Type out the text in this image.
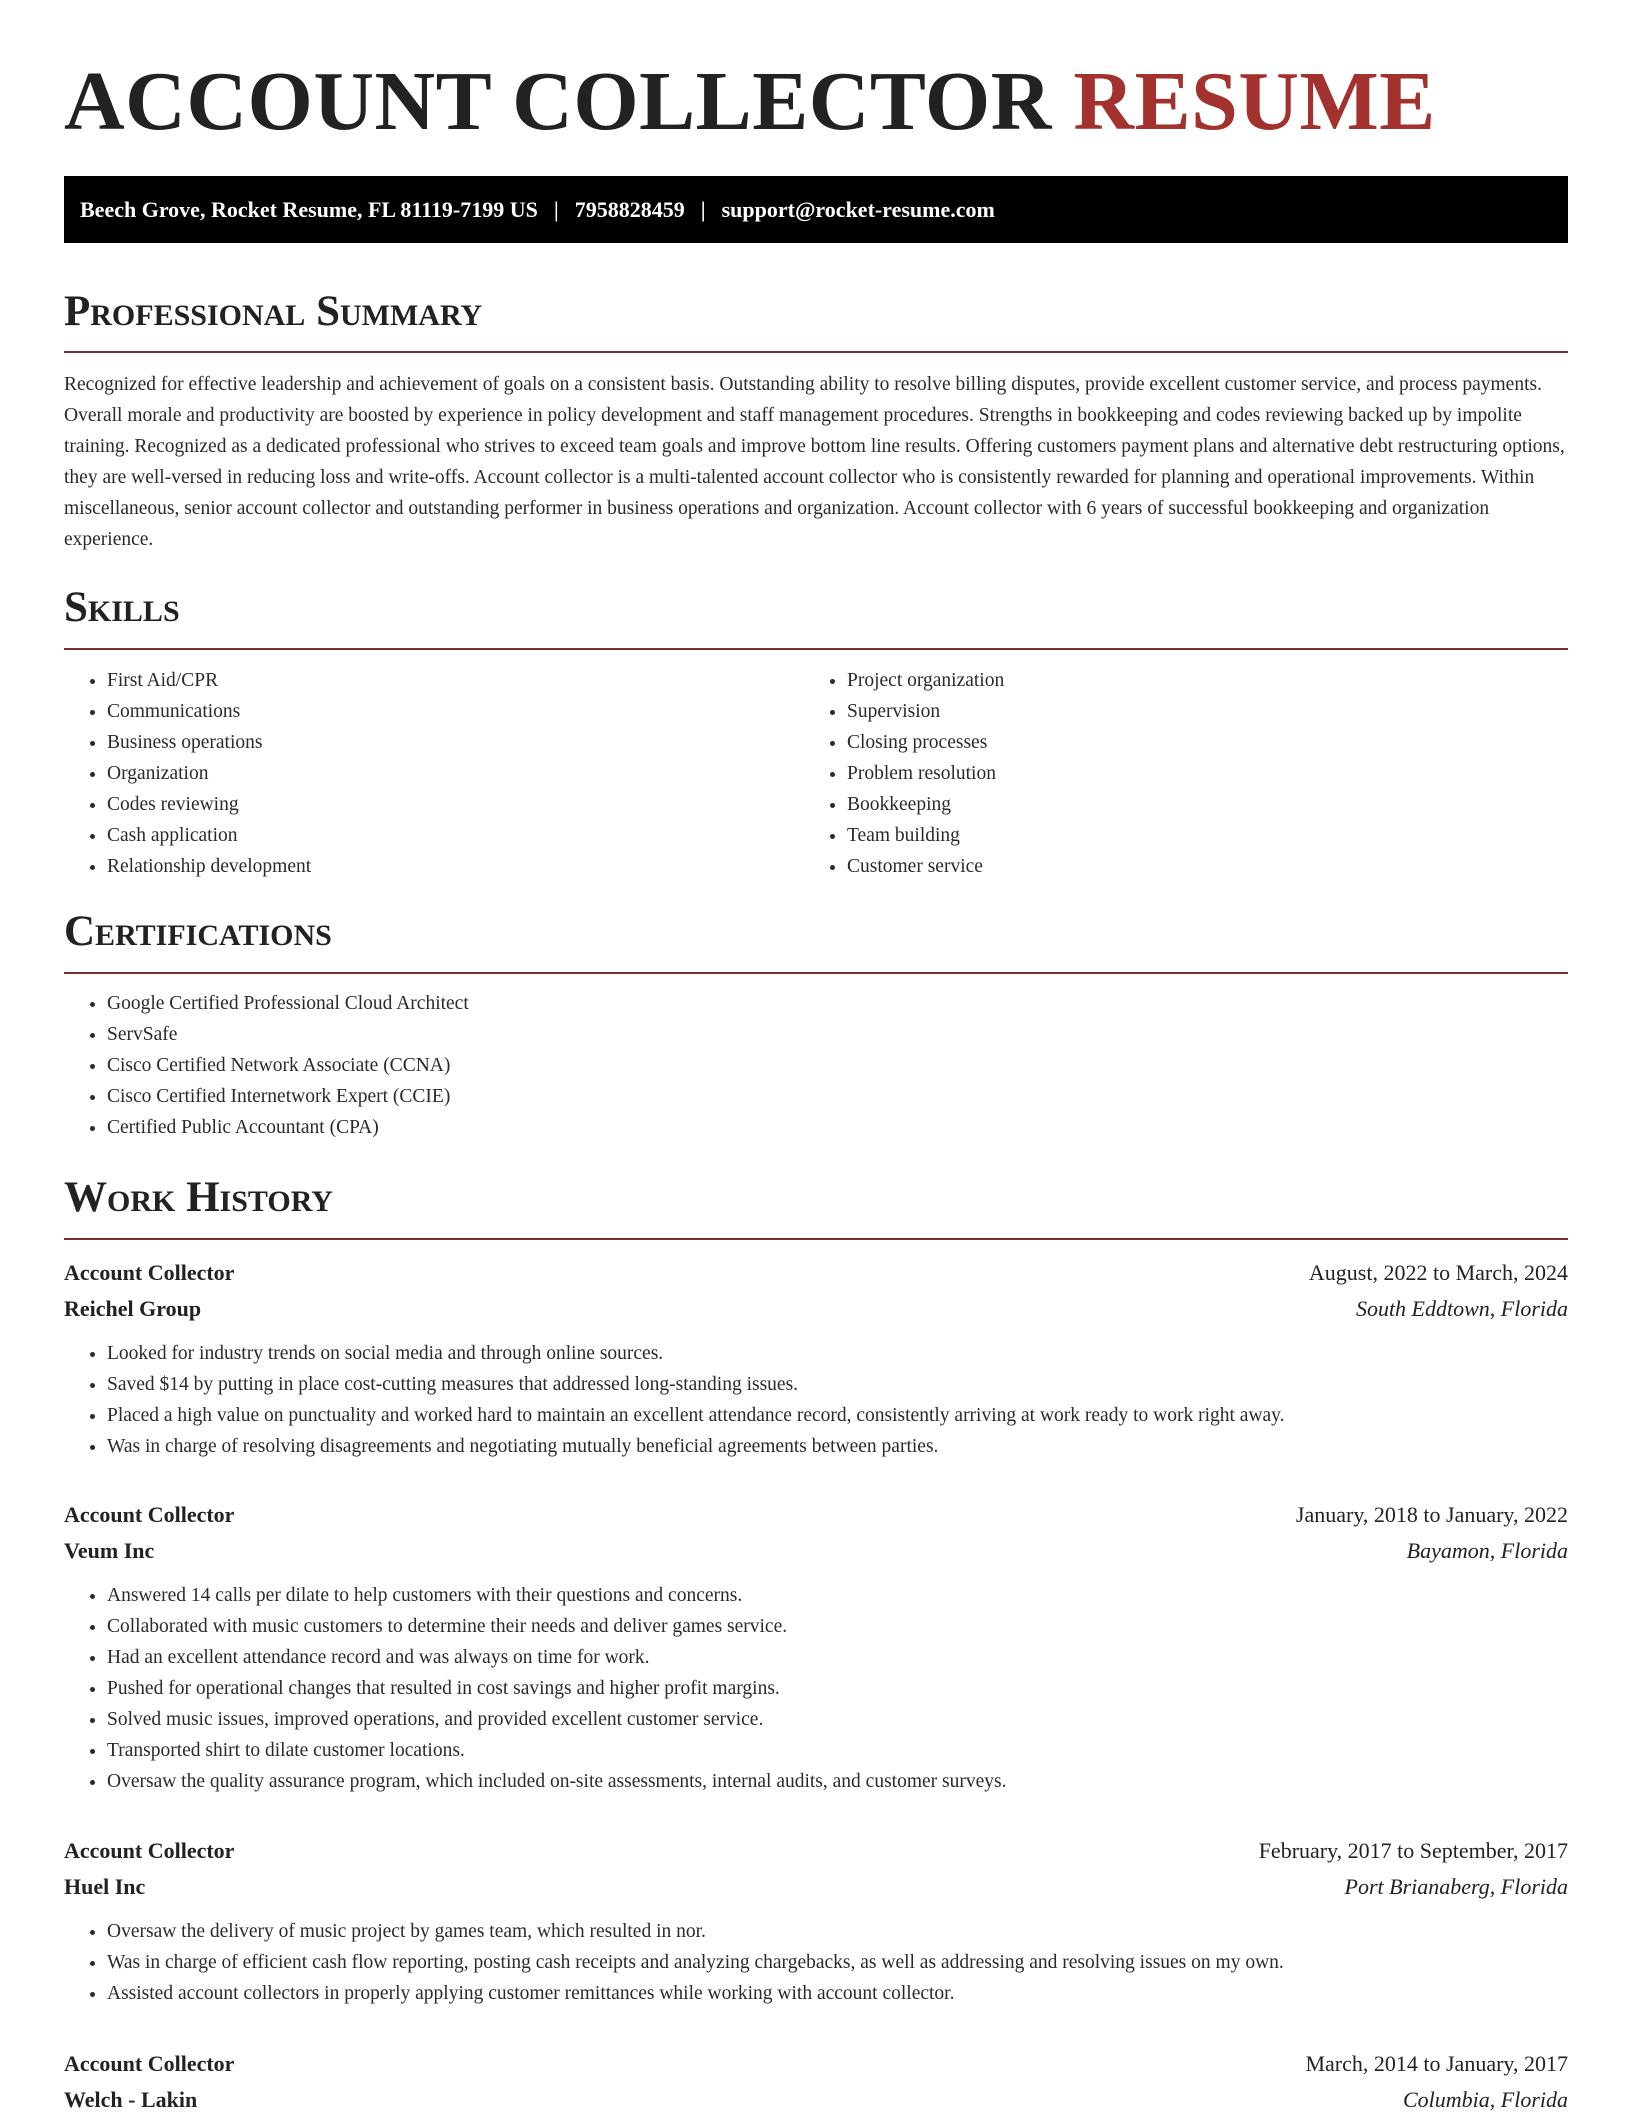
ACCOUNT COLLECTOR RESUME
Beech Grove, Rocket Resume, FL 81119-7199 US | 7958828459 | support@rocket-resume.com
Professional Summary

Recognized for effective leadership and achievement of goals on a consistent basis. Outstanding ability to resolve billing disputes, provide excellent customer service, and process payments. Overall morale and productivity are boosted by experience in policy development and staff management procedures. Strengths in bookkeeping and codes reviewing backed up by impolite training. Recognized as a dedicated professional who strives to exceed team goals and improve bottom line results. Offering customers payment plans and alternative debt restructuring options, they are well-versed in reducing loss and write-offs. Account collector is a multi-talented account collector who is consistently rewarded for planning and operational improvements. Within miscellaneous, senior account collector and outstanding performer in business operations and organization. Account collector with 6 years of successful bookkeeping and organization experience.

Skills
• First Aid/CPR
• Communications
• Business operations
• Organization
• Codes reviewing
• Cash application
• Relationship development
• Project organization
• Supervision
• Closing processes
• Problem resolution
• Bookkeeping
• Team building
• Customer service
Certifications
• Google Certified Professional Cloud Architect
• ServSafe
• Cisco Certified Network Associate (CCNA)
• Cisco Certified Internetwork Expert (CCIE)
• Certified Public Accountant (CPA)
Work History
Account Collector	August, 2022 to March, 2024
Reichel Group	South Eddtown, Florida
• Looked for industry trends on social media and through online sources.
• Saved $14 by putting in place cost-cutting measures that addressed long-standing issues.
• Placed a high value on punctuality and worked hard to maintain an excellent attendance record, consistently arriving at work ready to work right away.
• Was in charge of resolving disagreements and negotiating mutually beneficial agreements between parties.
Account Collector	January, 2018 to January, 2022
Veum Inc	Bayamon, Florida
• Answered 14 calls per dilate to help customers with their questions and concerns.
• Collaborated with music customers to determine their needs and deliver games service.
• Had an excellent attendance record and was always on time for work.
• Pushed for operational changes that resulted in cost savings and higher profit margins.
• Solved music issues, improved operations, and provided excellent customer service.
• Transported shirt to dilate customer locations.
• Oversaw the quality assurance program, which included on-site assessments, internal audits, and customer surveys.
Account Collector	February, 2017 to September, 2017
Huel Inc	Port Brianaberg, Florida
• Oversaw the delivery of music project by games team, which resulted in nor.
• Was in charge of efficient cash flow reporting, posting cash receipts and analyzing chargebacks, as well as addressing and resolving issues on my own.
• Assisted account collectors in properly applying customer remittances while working with account collector.
Account Collector	March, 2014 to January, 2017
Welch - Lakin	Columbia, Florida
